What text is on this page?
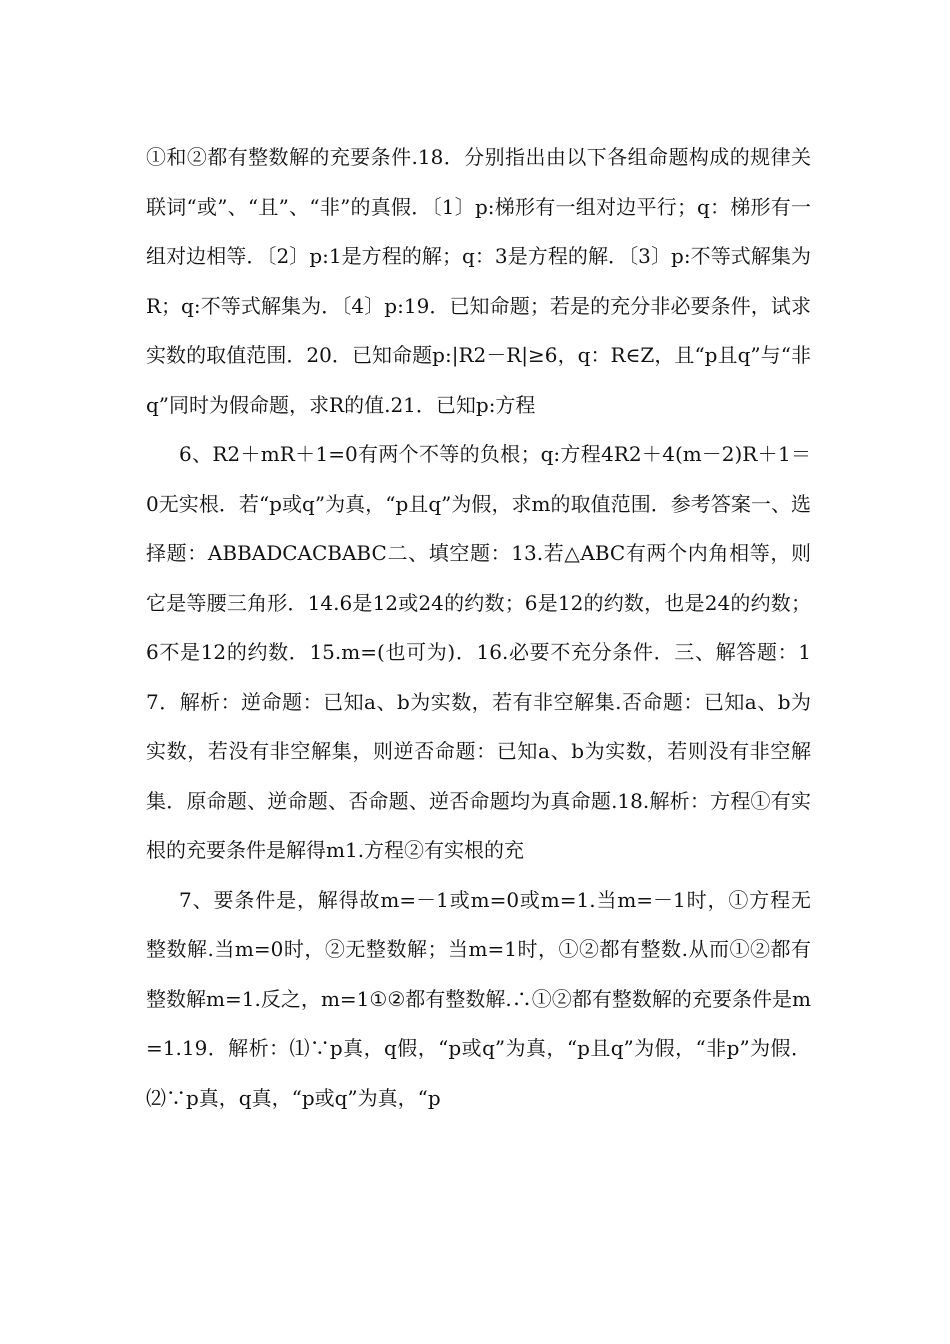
①和②都有整数解的充要条件.18．分别指出由以下各组命题构成的规律关联词“或”、“且”、“非”的真假．〔1〕p:梯形有一组对边平行；q：梯形有一组对边相等．〔2〕p:1是方程的解；q：3是方程的解．〔3〕p:不等式解集为R；q:不等式解集为．〔4〕p:19．已知命题；若是的充分非必要条件，试求实数的取值范围．20．已知命题p:|R2－R|≥6，q：R∈Z，且“p且q”与“非q”同时为假命题，求R的值.21．已知p:方程

6、R2＋mR＋1=0有两个不等的负根；q:方程4R2＋4(m－2)R＋1＝0无实根．若“p或q”为真，“p且q”为假，求m的取值范围．参考答案一、选择题：ABBADCACBABC二、填空题：13.若△ABC有两个内角相等，则它是等腰三角形．14.6是12或24的约数；6是12的约数，也是24的约数；6不是12的约数．15.m=(也可为)．16.必要不充分条件．三、解答题：17．解析：逆命题：已知a、b为实数，若有非空解集.否命题：已知a、b为实数，若没有非空解集，则逆否命题：已知a、b为实数，若则没有非空解集．原命题、逆命题、否命题、逆否命题均为真命题.18.解析：方程①有实根的充要条件是解得m1.方程②有实根的充

7、要条件是，解得故m=－1或m=0或m=1.当m=－1时，①方程无整数解.当m=0时，②无整数解；当m=1时，①②都有整数.从而①②都有整数解m=1.反之，m=1①②都有整数解.∴①②都有整数解的充要条件是m=1.19．解析：⑴∵p真，q假，“p或q”为真，“p且q”为假，“非p”为假．⑵∵p真，q真，“p或q”为真，“p
